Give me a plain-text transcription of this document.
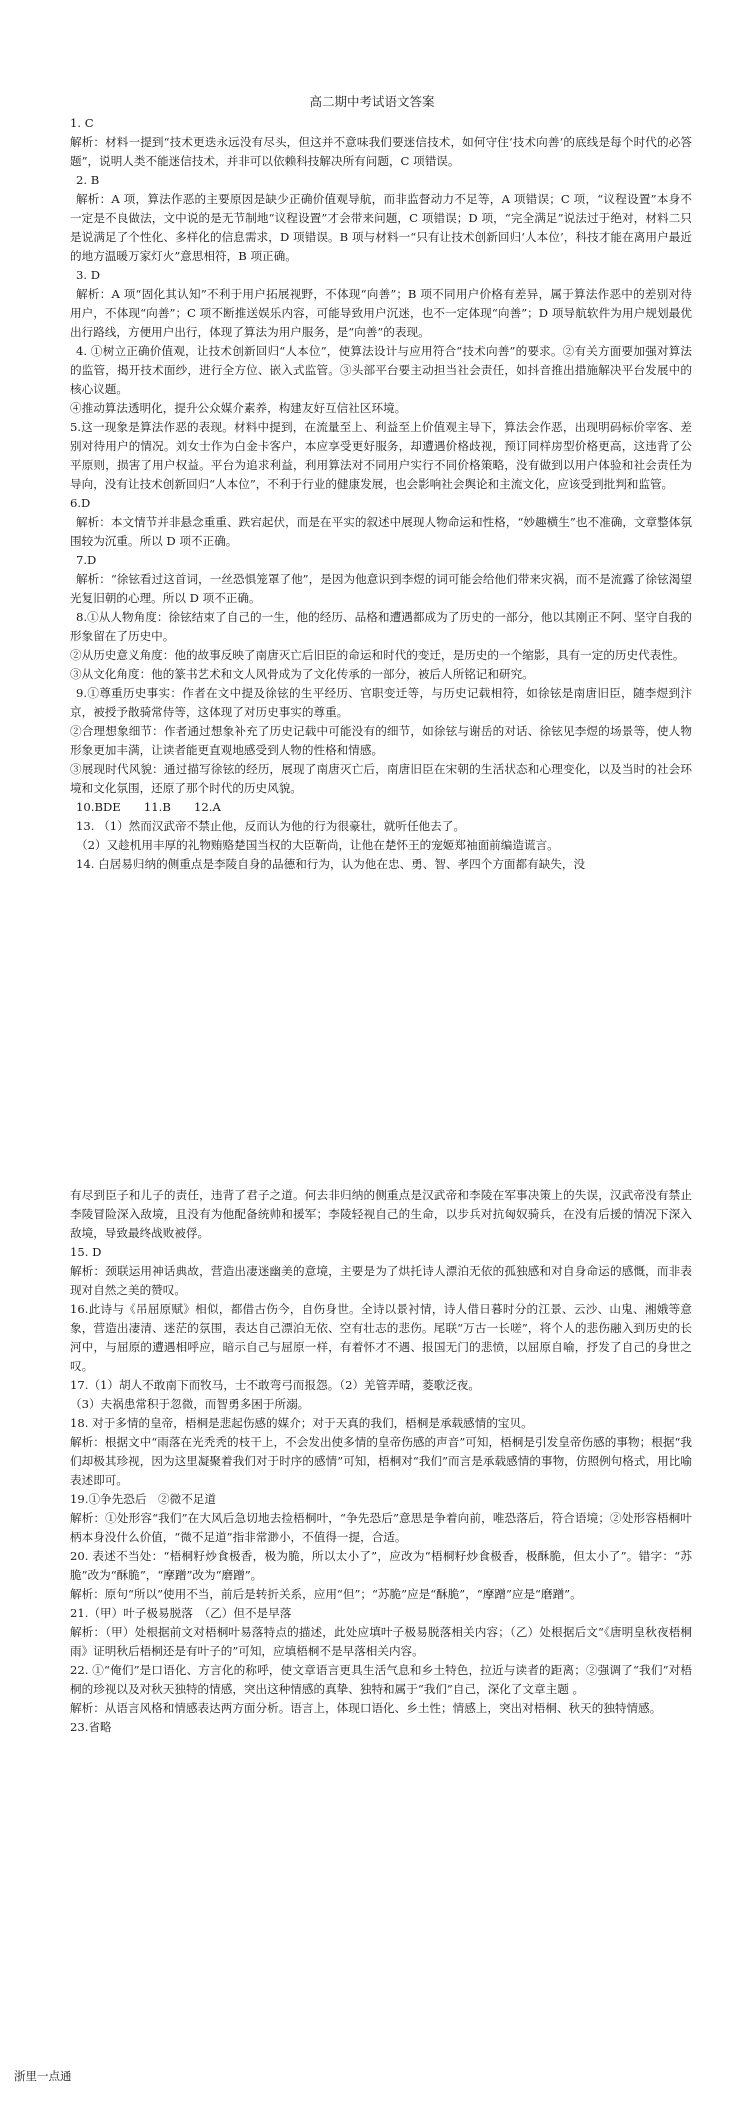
高二期中考试语文答案

1. C

解析：材料一提到“技术更迭永远没有尽头，但这并不意味我们要迷信技术，如何守住‘技术向善’的底线是每个时代的必答题”，说明人类不能迷信技术，并非可以依赖科技解决所有问题，C 项错误。

2. B

解析：A 项，算法作恶的主要原因是缺少正确价值观导航，而非监督动力不足等，A 项错误；C 项，“议程设置”本身不一定是不良做法，文中说的是无节制地“议程设置”才会带来问题，C 项错误；D 项，“完全满足”说法过于绝对，材料二只是说满足了个性化、多样化的信息需求，D 项错误。B 项与材料一“只有让技术创新回归‘人本位’，科技才能在离用户最近的地方温暖万家灯火”意思相符，B 项正确。

3. D

解析：A 项“固化其认知”不利于用户拓展视野，不体现“向善”；B 项不同用户价格有差异，属于算法作恶中的差别对待用户，不体现“向善”；C 项不断推送娱乐内容，可能导致用户沉迷，也不一定体现“向善”；D 项导航软件为用户规划最优出行路线，方便用户出行，体现了算法为用户服务，是“向善”的表现。

4. ①树立正确价值观，让技术创新回归“人本位”，使算法设计与应用符合“技术向善”的要求。②有关方面要加强对算法的监管，揭开技术面纱，进行全方位、嵌入式监管。③头部平台要主动担当社会责任，如抖音推出措施解决平台发展中的核心议题。

④推动算法透明化，提升公众媒介素养，构建友好互信社区环境。

5.这一现象是算法作恶的表现。材料中提到，在流量至上、利益至上价值观主导下，算法会作恶，出现明码标价宰客、差别对待用户的情况。刘女士作为白金卡客户，本应享受更好服务，却遭遇价格歧视，预订同样房型价格更高，这违背了公平原则，损害了用户权益。平台为追求利益，利用算法对不同用户实行不同价格策略，没有做到以用户体验和社会责任为导向，没有让技术创新回归“人本位”，不利于行业的健康发展，也会影响社会舆论和主流文化，应该受到批判和监管。

6.D

解析：本文情节并非悬念重重、跌宕起伏，而是在平实的叙述中展现人物命运和性格，“妙趣横生”也不准确，文章整体氛围较为沉重。所以 D 项不正确。

7.D

解析：“徐铉看过这首词，一丝恐惧笼罩了他”，是因为他意识到李煜的词可能会给他们带来灾祸，而不是流露了徐铉渴望光复旧朝的心理。所以 D 项不正确。

8.①从人物角度：徐铉结束了自己的一生，他的经历、品格和遭遇都成为了历史的一部分，他以其刚正不阿、坚守自我的形象留在了历史中。

②从历史意义角度：他的故事反映了南唐灭亡后旧臣的命运和时代的变迁，是历史的一个缩影，具有一定的历史代表性。

③从文化角度：他的篆书艺术和文人风骨成为了文化传承的一部分，被后人所铭记和研究。

9.①尊重历史事实：作者在文中提及徐铉的生平经历、官职变迁等，与历史记载相符，如徐铉是南唐旧臣，随李煜到汴京，被授予散骑常侍等，这体现了对历史事实的尊重。

②合理想象细节：作者通过想象补充了历史记载中可能没有的细节，如徐铉与谢岳的对话、徐铉见李煜的场景等，使人物形象更加丰满，让读者能更直观地感受到人物的性格和情感。

③展现时代风貌：通过描写徐铉的经历，展现了南唐灭亡后，南唐旧臣在宋朝的生活状态和心理变化，以及当时的社会环境和文化氛围，还原了那个时代的历史风貌。

10.BDE　　11.B　　12.A

13. （1）然而汉武帝不禁止他，反而认为他的行为很豪壮，就听任他去了。

（2）又趁机用丰厚的礼物贿赂楚国当权的大臣靳尚，让他在楚怀王的宠姬郑袖面前编造谎言。

14. 白居易归纳的侧重点是李陵自身的品德和行为，认为他在忠、勇、智、孝四个方面都有缺失，没

有尽到臣子和儿子的责任，违背了君子之道。何去非归纳的侧重点是汉武帝和李陵在军事决策上的失误，汉武帝没有禁止李陵冒险深入敌境，且没有为他配备统帅和援军；李陵轻视自己的生命，以步兵对抗匈奴骑兵，在没有后援的情况下深入敌境，导致最终战败被俘。

15. D

解析：颈联运用神话典故，营造出凄迷幽美的意境，主要是为了烘托诗人漂泊无依的孤独感和对自身命运的感慨，而非表现对自然之美的赞叹。

16.此诗与《吊屈原赋》相似，都借古伤今，自伤身世。全诗以景衬情，诗人借日暮时分的江景、云沙、山鬼、湘娥等意象，营造出凄清、迷茫的氛围，表达自己漂泊无依、空有壮志的悲伤。尾联“万古一长嗟”，将个人的悲伤融入到历史的长河中，与屈原的遭遇相呼应，暗示自己与屈原一样，有着怀才不遇、报国无门的悲愤，以屈原自喻，抒发了自己的身世之叹。

17.（1）胡人不敢南下而牧马，士不敢弯弓而报怨。（2）羌管弄晴，菱歌泛夜。

（3）夫祸患常积于忽微，而智勇多困于所溺。

18. 对于多情的皇帝，梧桐是悲起伤感的媒介；对于天真的我们，梧桐是承载感情的宝贝。

解析：根据文中“雨落在光秃秃的枝干上，不会发出使多情的皇帝伤感的声音”可知，梧桐是引发皇帝伤感的事物；根据“我们却极其珍视，因为这里凝聚着我们对于时序的感情”可知，梧桐对“我们”而言是承载感情的事物，仿照例句格式，用比喻表述即可。

19.①争先恐后　②微不足道

解析：①处形容“我们”在大风后急切地去捡梧桐叶，“争先恐后”意思是争着向前，唯恐落后，符合语境；②处形容梧桐叶柄本身没什么价值，“微不足道”指非常渺小，不值得一提，合适。

20. 表述不当处：“梧桐籽炒食极香，极为脆，所以太小了”，应改为“梧桐籽炒食极香，极酥脆，但太小了”。错字：“苏脆”改为“酥脆”，“摩蹭”改为“磨蹭”。

解析：原句“所以”使用不当，前后是转折关系，应用“但”；“苏脆”应是“酥脆”，“摩蹭”应是“磨蹭”。

21.（甲）叶子极易脱落　（乙）但不是早落

解析：（甲）处根据前文对梧桐叶易落特点的描述，此处应填叶子极易脱落相关内容；（乙）处根据后文“《唐明皇秋夜梧桐雨》证明秋后梧桐还是有叶子的”可知，应填梧桐不是早落相关内容。

22. ①“俺们”是口语化、方言化的称呼，使文章语言更具生活气息和乡土特色，拉近与读者的距离；②强调了“我们”对梧桐的珍视以及对秋天独特的情感，突出这种情感的真挚、独特和属于“我们”自己，深化了文章主题 。

解析：从语言风格和情感表达两方面分析。语言上，体现口语化、乡土性；情感上，突出对梧桐、秋天的独特情感。

23.省略

浙里一点通
